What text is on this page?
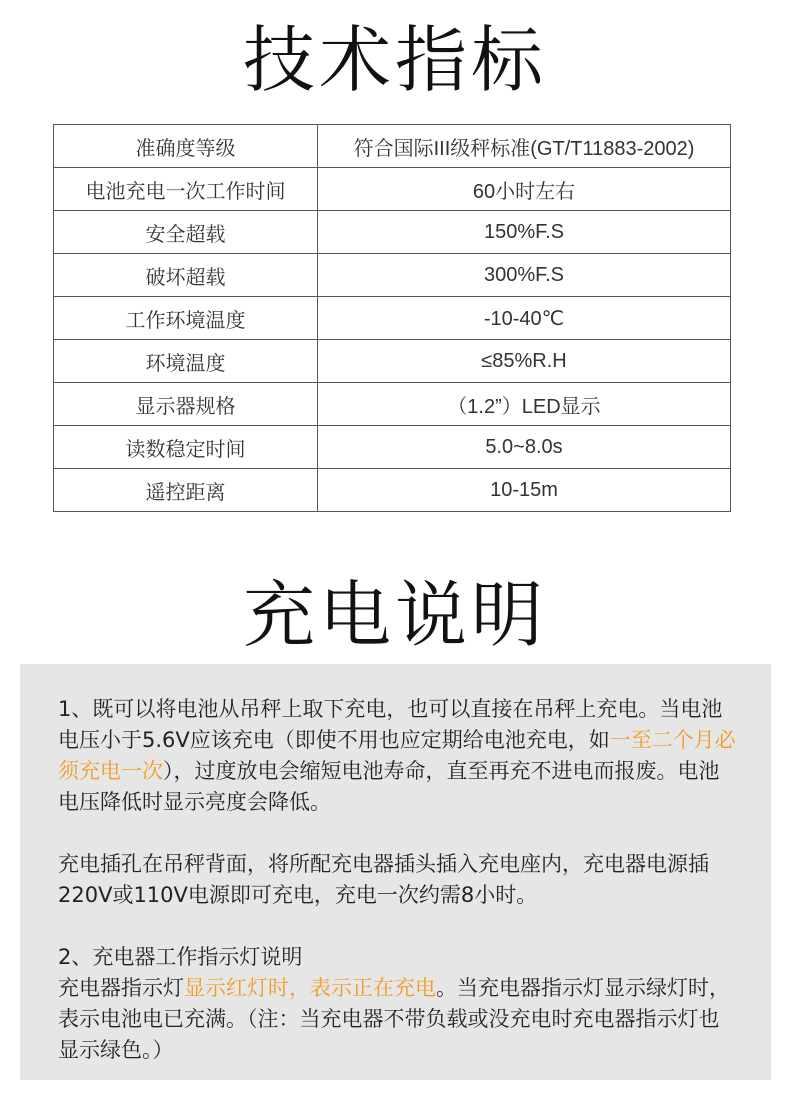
技术指标
准确度等级	符合国际III级秤标准(GT/T11883-2002)
电池充电一次工作时间	60小时左右
安全超载	150%F.S
破坏超载	300%F.S
工作环境温度	-10-40℃
环境温度	≤85%R.H
显示器规格	（1.2”）LED显示
读数稳定时间	5.0~8.0s
遥控距离	10-15m
充电说明

1、既可以将电池从吊秤上取下充电，也可以直接在吊秤上充电。当电池电压小于5.6V应该充电（即使不用也应定期给电池充电，如一至二个月必须充电一次），过度放电会缩短电池寿命，直至再充不进电而报废。电池电压降低时显示亮度会降低。

充电插孔在吊秤背面，将所配充电器插头插入充电座内，充电器电源插220V或110V电源即可充电，充电一次约需8小时。

2、充电器工作指示灯说明
充电器指示灯显示红灯时，表示正在充电。当充电器指示灯显示绿灯时，表示电池电已充满。（注：当充电器不带负载或没充电时充电器指示灯也显示绿色。）
